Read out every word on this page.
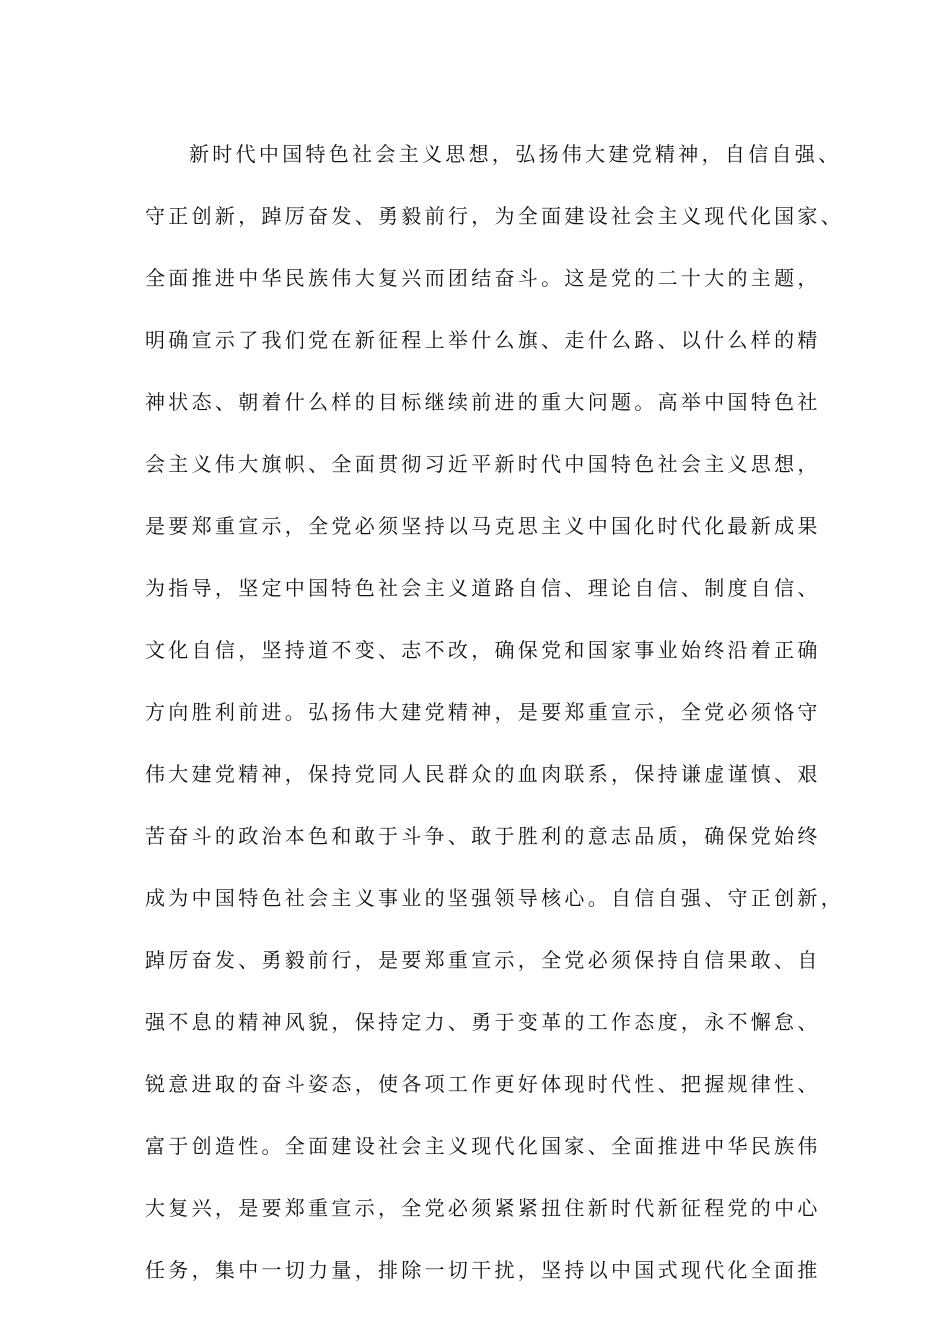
新时代中国特色社会主义思想，弘扬伟大建党精神，自信自强、
守正创新，踔厉奋发、勇毅前行，为全面建设社会主义现代化国家、
全面推进中华民族伟大复兴而团结奋斗。这是党的二十大的主题，
明确宣示了我们党在新征程上举什么旗、走什么路、以什么样的精
神状态、朝着什么样的目标继续前进的重大问题。高举中国特色社
会主义伟大旗帜、全面贯彻习近平新时代中国特色社会主义思想，
是要郑重宣示，全党必须坚持以马克思主义中国化时代化最新成果
为指导，坚定中国特色社会主义道路自信、理论自信、制度自信、
文化自信，坚持道不变、志不改，确保党和国家事业始终沿着正确
方向胜利前进。弘扬伟大建党精神，是要郑重宣示，全党必须恪守
伟大建党精神，保持党同人民群众的血肉联系，保持谦虚谨慎、艰
苦奋斗的政治本色和敢于斗争、敢于胜利的意志品质，确保党始终
成为中国特色社会主义事业的坚强领导核心。自信自强、守正创新，
踔厉奋发、勇毅前行，是要郑重宣示，全党必须保持自信果敢、自
强不息的精神风貌，保持定力、勇于变革的工作态度，永不懈怠、
锐意进取的奋斗姿态，使各项工作更好体现时代性、把握规律性、
富于创造性。全面建设社会主义现代化国家、全面推进中华民族伟
大复兴，是要郑重宣示，全党必须紧紧扭住新时代新征程党的中心
任务，集中一切力量，排除一切干扰，坚持以中国式现代化全面推
